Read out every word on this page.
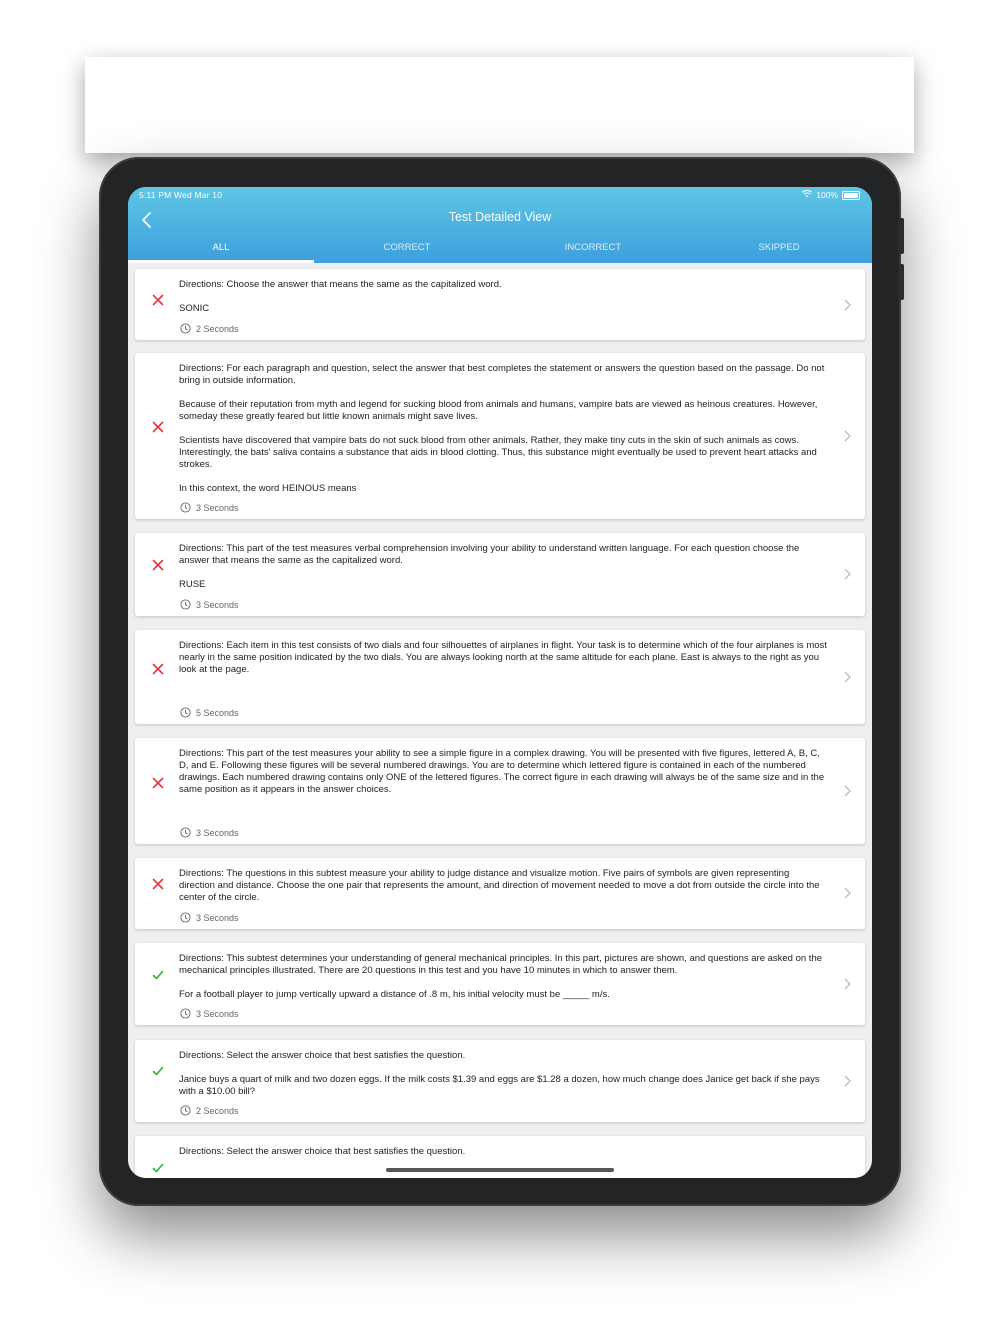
5:11 PM Wed Mar 10	100%
Test Detailed View
ALL	CORRECT	INCORRECT	SKIPPED

Directions: Choose the answer that means the same as the capitalized word.

SONIC

2 Seconds

Directions: For each paragraph and question, select the answer that best completes the statement or answers the question based on the passage. Do not bring in outside information.

Because of their reputation from myth and legend for sucking blood from animals and humans, vampire bats are viewed as heinous creatures. However, someday these greatly feared but little known animals might save lives.

Scientists have discovered that vampire bats do not suck blood from other animals. Rather, they make tiny cuts in the skin of such animals as cows. Interestingly, the bats' saliva contains a substance that aids in blood clotting. Thus, this substance might eventually be used to prevent heart attacks and strokes.

In this context, the word HEINOUS means

3 Seconds

Directions: This part of the test measures verbal comprehension involving your ability to understand written language. For each question choose the answer that means the same as the capitalized word.

RUSE

3 Seconds

Directions: Each item in this test consists of two dials and four silhouettes of airplanes in flight. Your task is to determine which of the four airplanes is most nearly in the same position indicated by the two dials. You are always looking north at the same altitude for each plane. East is always to the right as you look at the page.

5 Seconds

Directions: This part of the test measures your ability to see a simple figure in a complex drawing. You will be presented with five figures, lettered A, B, C, D, and E. Following these figures will be several numbered drawings. You are to determine which lettered figure is contained in each of the numbered drawings. Each numbered drawing contains only ONE of the lettered figures. The correct figure in each drawing will always be of the same size and in the same position as it appears in the answer choices.

3 Seconds

Directions: The questions in this subtest measure your ability to judge distance and visualize motion. Five pairs of symbols are given representing direction and distance. Choose the one pair that represents the amount, and direction of movement needed to move a dot from outside the circle into the center of the circle.

3 Seconds

Directions: This subtest determines your understanding of general mechanical principles. In this part, pictures are shown, and questions are asked on the mechanical principles illustrated. There are 20 questions in this test and you have 10 minutes in which to answer them.

For a football player to jump vertically upward a distance of .8 m, his initial velocity must be _____ m/s.

3 Seconds

Directions: Select the answer choice that best satisfies the question.

Janice buys a quart of milk and two dozen eggs. If the milk costs $1.39 and eggs are $1.28 a dozen, how much change does Janice get back if she pays with a $10.00 bill?

2 Seconds

Directions: Select the answer choice that best satisfies the question.
